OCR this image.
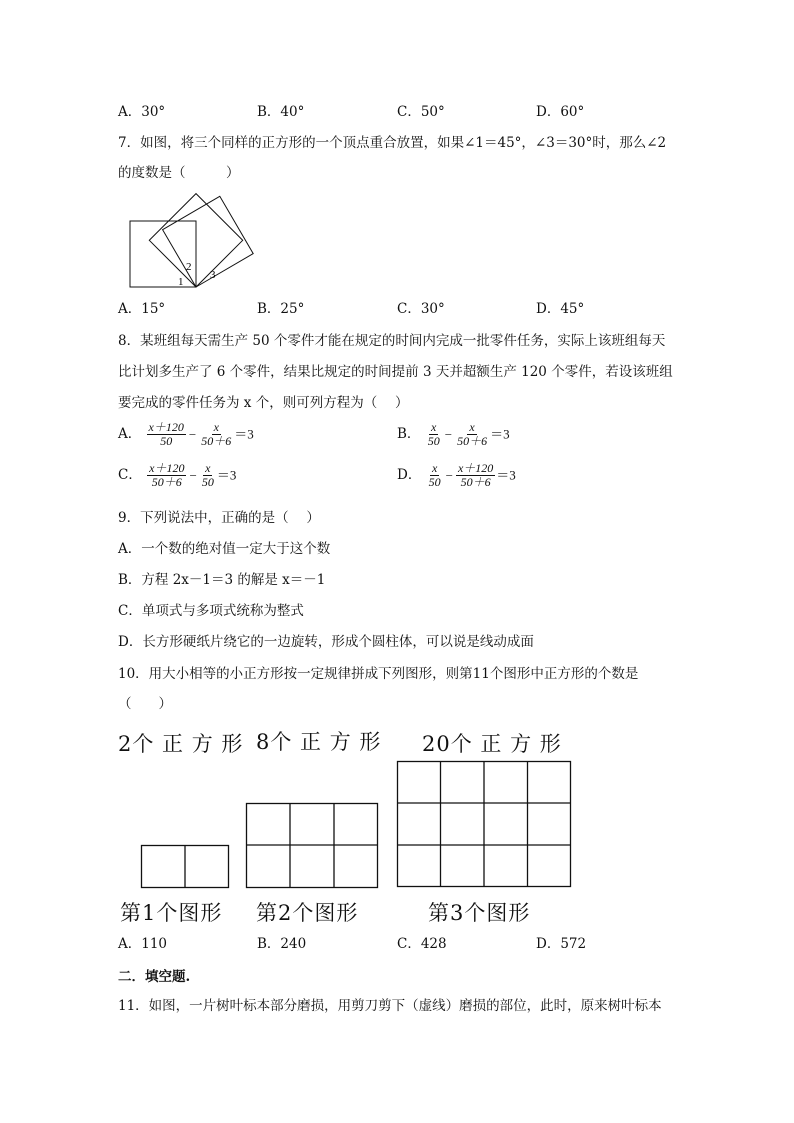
A．30°	B．40°	C．50°	D．60°
7．如图，将三个同样的正方形的一个顶点重合放置，如果∠1＝45°，∠3＝30°时，那么∠2
的度数是（　　　）
1
2
3
A．15°	B．25°	C．30°	D．45°
8．某班组每天需生产 50 个零件才能在规定的时间内完成一批零件任务，实际上该班组每天
比计划多生产了 6 个零件，结果比规定的时间提前 3 天并超额生产 120 个零件，若设该班组
要完成的零件任务为 x 个，则可列方程为（　 ）
A． $\frac{x+120}{50} - \frac{x}{50+6} =3$	B． $\frac{x}{50} - \frac{x}{50+6} =3$
C． $\frac{x+120}{50+6} - \frac{x}{50} =3$	D． $\frac{x}{50} - \frac{x+120}{50+6} =3$
9．下列说法中，正确的是（　 ）
A．一个数的绝对值一定大于这个数
B．方程 2x－1＝3 的解是 x＝－1
C．单项式与多项式统称为整式
D．长方形硬纸片绕它的一边旋转，形成个圆柱体，可以说是线动成面
10．用大小相等的小正方形按一定规律拼成下列图形，则第11个图形中正方形的个数是
（　　）
2个 正 方 形 8个 正 方 形 20个 正 方 形
第1个图形 第2个图形	第3个图形
A．110	B．240	C．428	D．572
二．填空题.
11．如图，一片树叶标本部分磨损，用剪刀剪下（虚线）磨损的部位，此时，原来树叶标本
